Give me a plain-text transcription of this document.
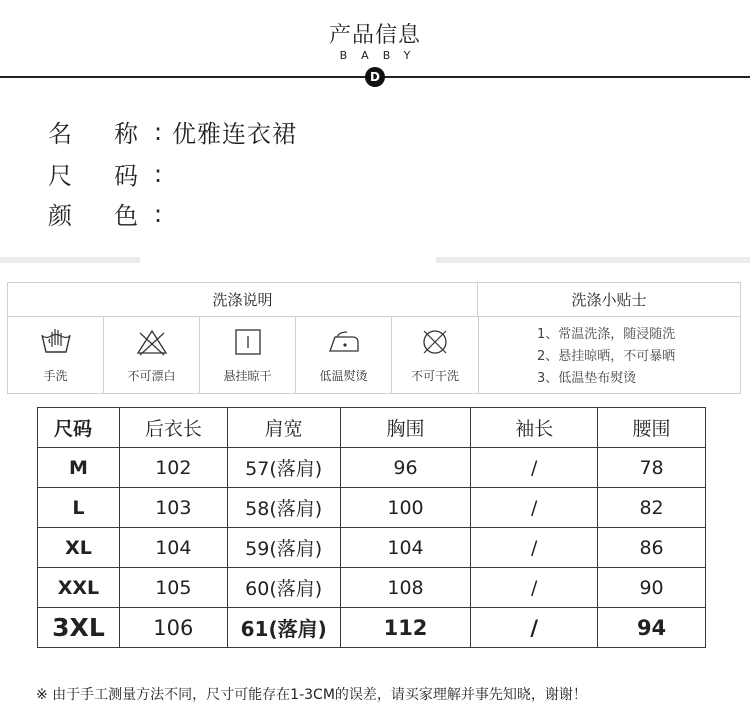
产品信息
BABY
D
名 称 : 优雅连衣裙
尺 码 :
颜 色 :
洗涤说明	洗涤小贴士
手洗	不可漂白	悬挂晾干	低温熨烫	不可干洗
1、常温洗涤，随浸随洗
2、悬挂晾晒，不可暴晒
3、低温垫布熨烫
尺码	后衣长	肩宽	胸围	袖长	腰围
M	102	57(落肩)	96	/	78
L	103	58(落肩)	100	/	82
XL	104	59(落肩)	104	/	86
XXL	105	60(落肩)	108	/	90
3XL	106	61(落肩)	112	/	94
※ 由于手工测量方法不同，尺寸可能存在1-3CM的误差，请买家理解并事先知晓，谢谢！
